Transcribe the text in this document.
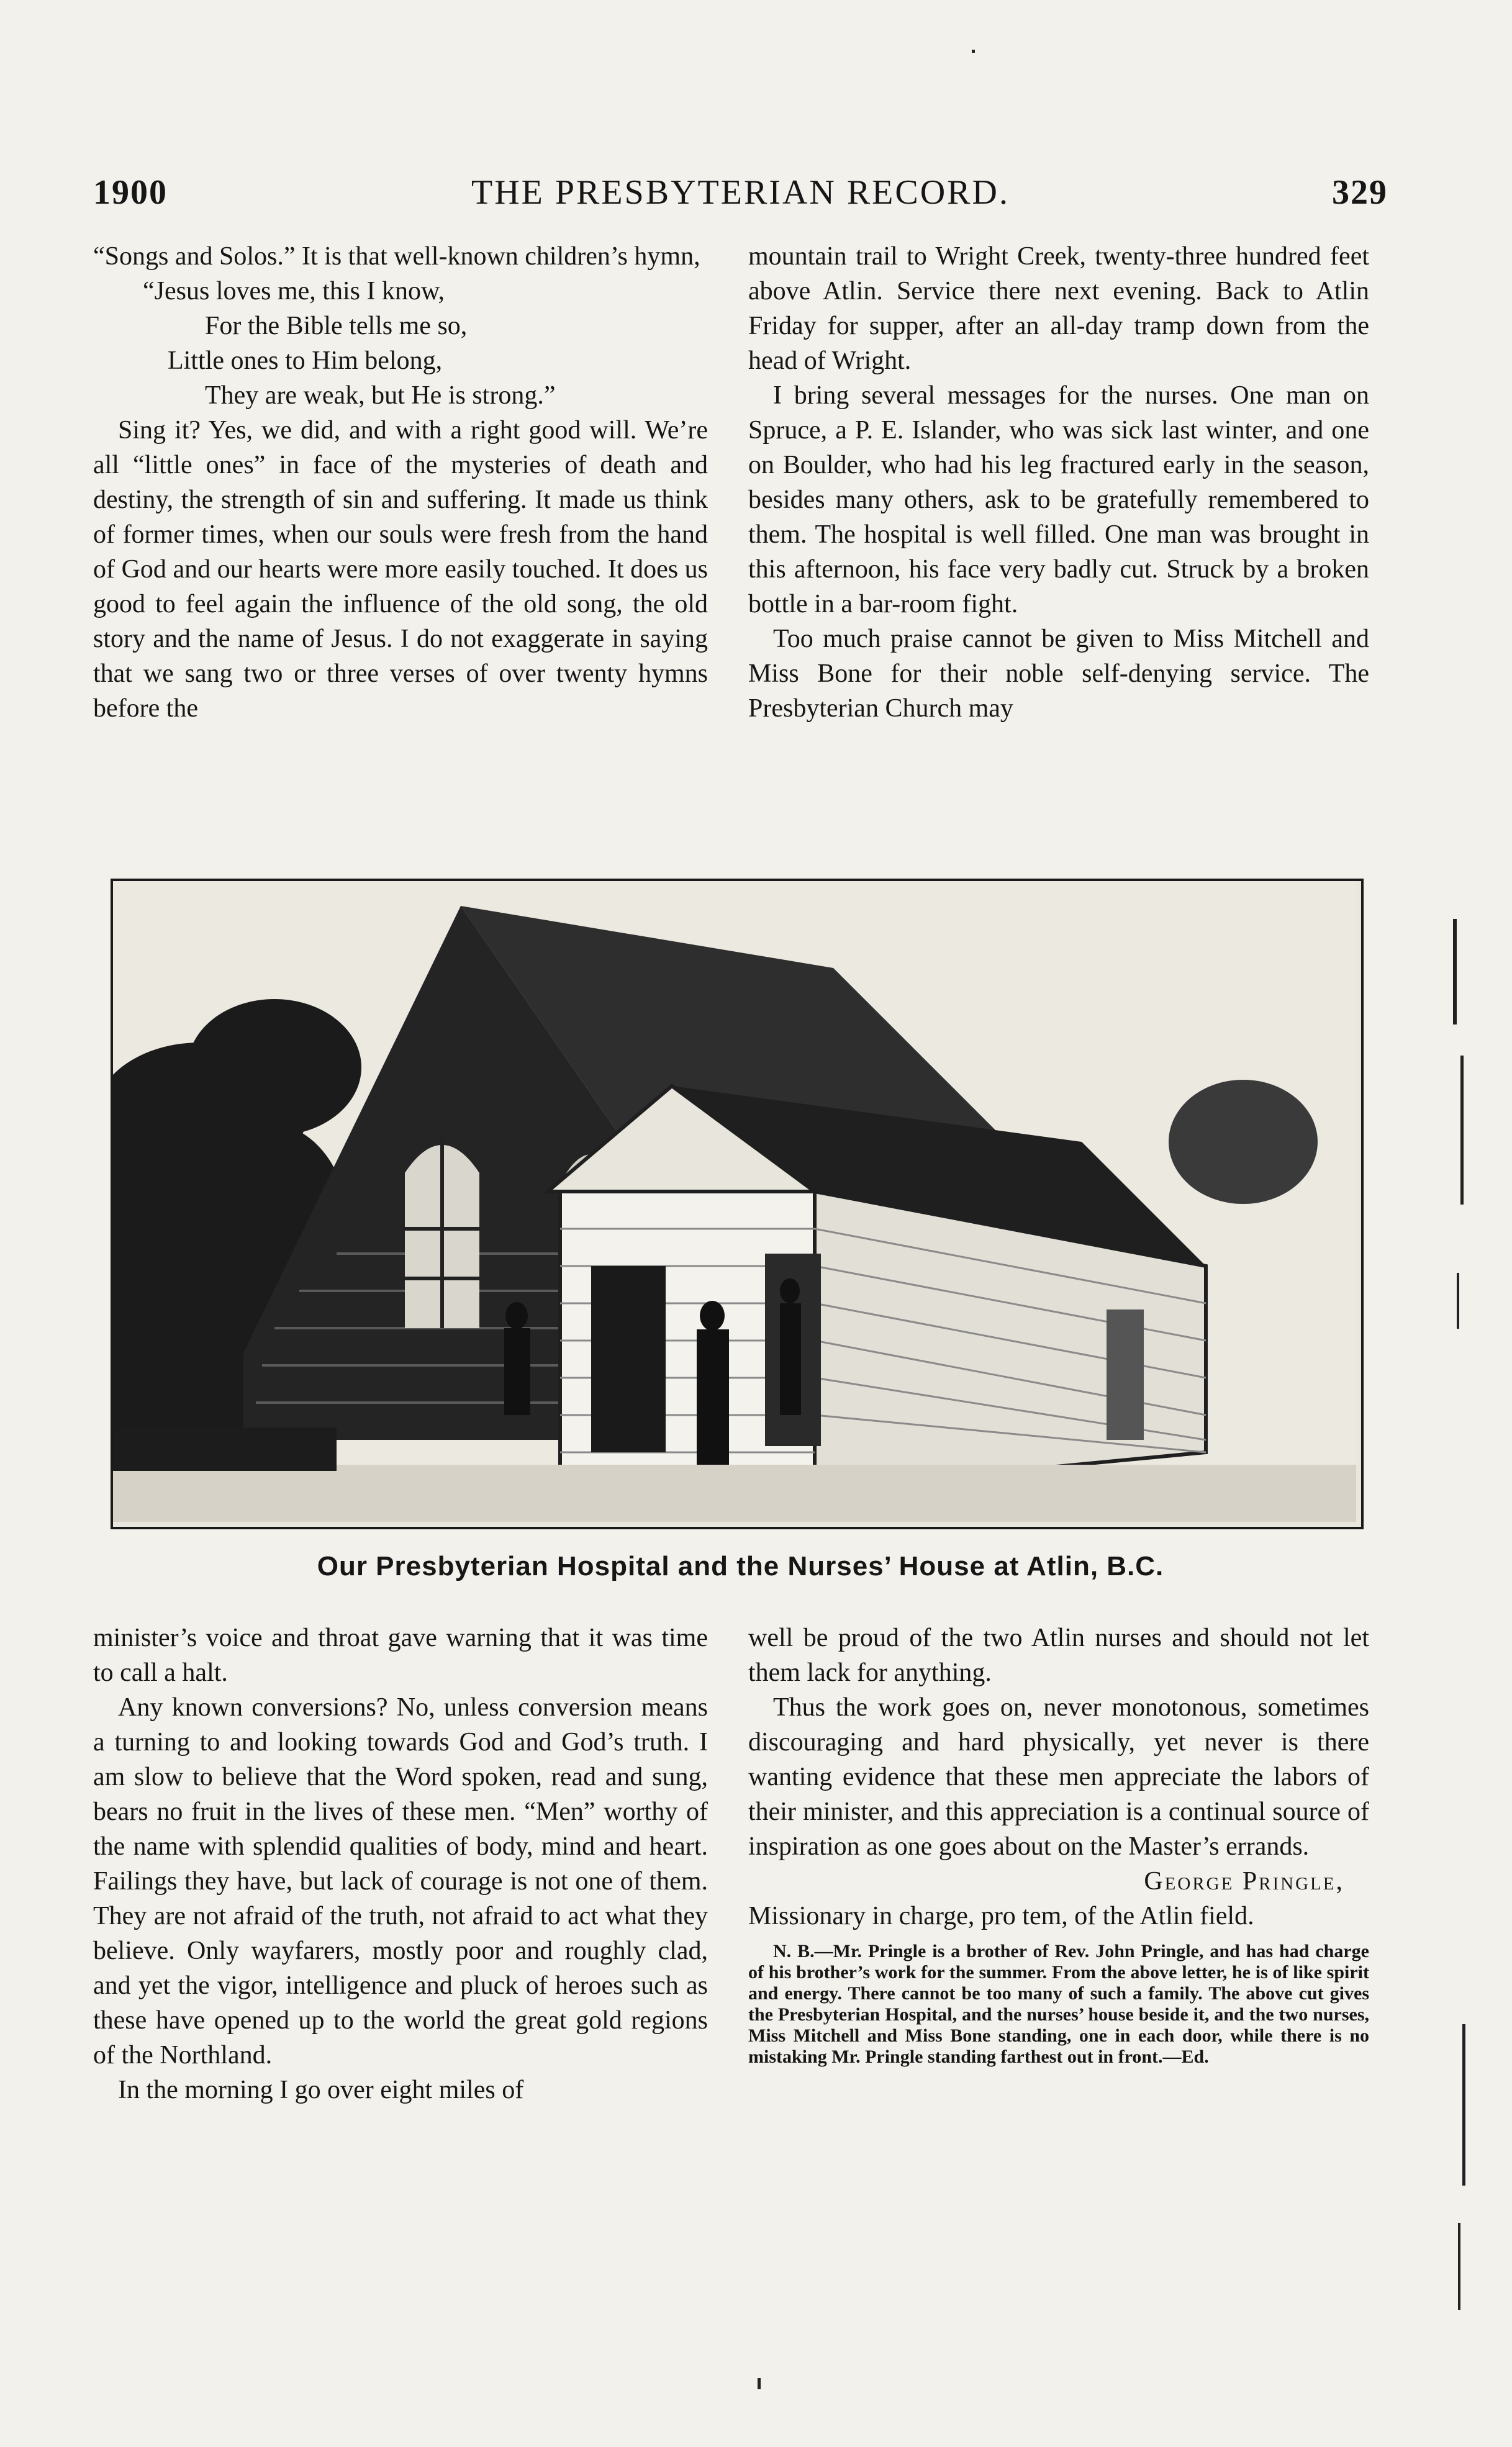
1900	THE PRESBYTERIAN RECORD.	329

“Songs and Solos.” It is that well-known children’s hymn,

“Jesus loves me, this I know,
For the Bible tells me so,
Little ones to Him belong,
They are weak, but He is strong.”

Sing it? Yes, we did, and with a right good will. We’re all “little ones” in face of the mysteries of death and destiny, the strength of sin and suffering. It made us think of former times, when our souls were fresh from the hand of God and our hearts were more easily touched. It does us good to feel again the influence of the old song, the old story and the name of Jesus. I do not exaggerate in saying that we sang two or three verses of over twenty hymns before the

mountain trail to Wright Creek, twenty-three hundred feet above Atlin. Service there next evening. Back to Atlin Friday for supper, after an all-day tramp down from the head of Wright.

I bring several messages for the nurses. One man on Spruce, a P. E. Islander, who was sick last winter, and one on Boulder, who had his leg fractured early in the season, besides many others, ask to be gratefully remembered to them. The hospital is well filled. One man was brought in this afternoon, his face very badly cut. Struck by a broken bottle in a bar-room fight.

Too much praise cannot be given to Miss Mitchell and Miss Bone for their noble self-denying service. The Presbyterian Church may

Our Presbyterian Hospital and the Nurses’ House at Atlin, B.C.

minister’s voice and throat gave warning that it was time to call a halt.

Any known conversions? No, unless conversion means a turning to and looking towards God and God’s truth. I am slow to believe that the Word spoken, read and sung, bears no fruit in the lives of these men. “Men” worthy of the name with splendid qualities of body, mind and heart. Failings they have, but lack of courage is not one of them. They are not afraid of the truth, not afraid to act what they believe. Only wayfarers, mostly poor and roughly clad, and yet the vigor, intelligence and pluck of heroes such as these have opened up to the world the great gold regions of the Northland.

In the morning I go over eight miles of

well be proud of the two Atlin nurses and should not let them lack for anything.

Thus the work goes on, never monotonous, sometimes discouraging and hard physically, yet never is there wanting evidence that these men appreciate the labors of their minister, and this appreciation is a continual source of inspiration as one goes about on the Master’s errands.

George Pringle,

Missionary in charge, pro tem, of the Atlin field.

N. B.—Mr. Pringle is a brother of Rev. John Pringle, and has had charge of his brother’s work for the summer. From the above letter, he is of like spirit and energy. There cannot be too many of such a family. The above cut gives the Presbyterian Hospital, and the nurses’ house beside it, and the two nurses, Miss Mitchell and Miss Bone standing, one in each door, while there is no mistaking Mr. Pringle standing farthest out in front.—Ed.
